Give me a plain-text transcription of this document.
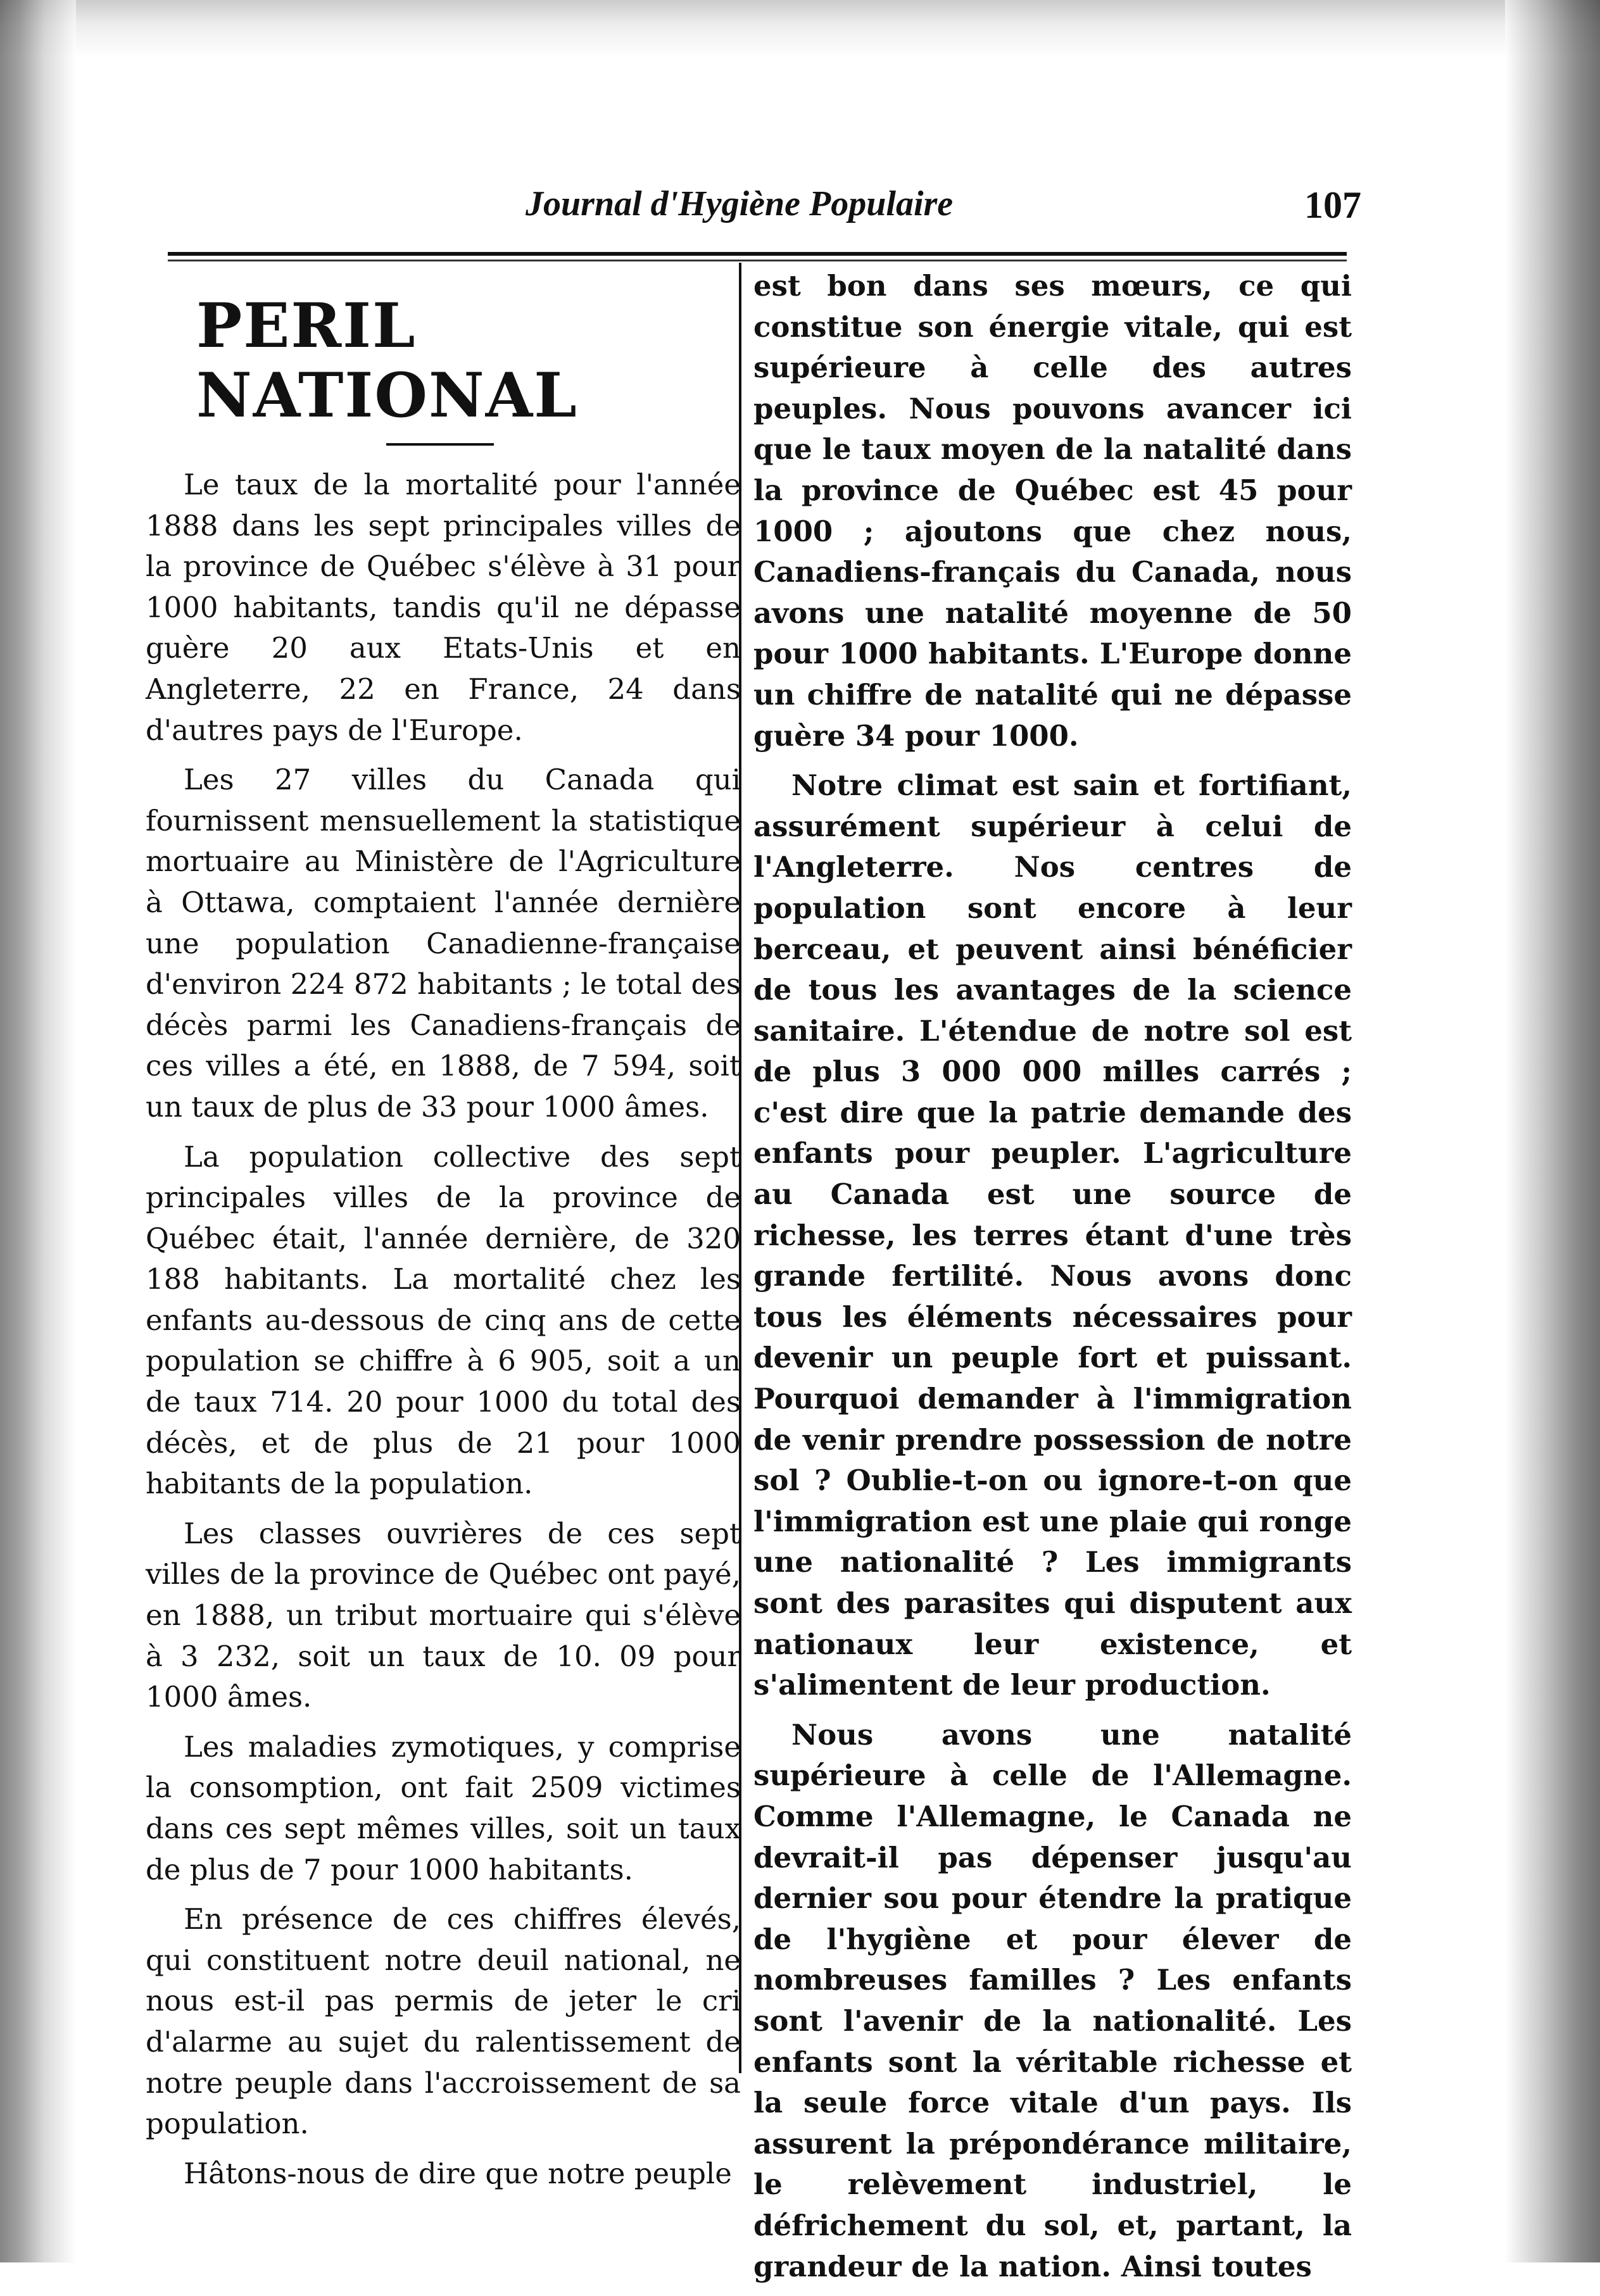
Journal d'Hygiène Populaire	107
PERIL NATIONAL

Le taux de la mortalité pour l'année 1888 dans les sept principales villes de la province de Québec s'élève à 31 pour 1000 habitants, tandis qu'il ne dépasse guère 20 aux Etats-Unis et en Angleterre, 22 en France, 24 dans d'autres pays de l'Europe.

Les 27 villes du Canada qui fournissent mensuellement la statistique mortuaire au Ministère de l'Agriculture à Ottawa, comptaient l'année dernière une population Canadienne-française d'environ 224 872 habitants ; le total des décès parmi les Canadiens-français de ces villes a été, en 1888, de 7 594, soit un taux de plus de 33 pour 1000 âmes.

La population collective des sept principales villes de la province de Québec était, l'année dernière, de 320 188 habitants. La mortalité chez les enfants au-dessous de cinq ans de cette population se chiffre à 6 905, soit a un de taux 714. 20 pour 1000 du total des décès, et de plus de 21 pour 1000 habitants de la population.

Les classes ouvrières de ces sept villes de la province de Québec ont payé, en 1888, un tribut mortuaire qui s'élève à 3 232, soit un taux de 10. 09 pour 1000 âmes.

Les maladies zymotiques, y comprise la consomption, ont fait 2509 victimes dans ces sept mêmes villes, soit un taux de plus de 7 pour 1000 habitants.

En présence de ces chiffres élevés, qui constituent notre deuil national, ne nous est-il pas permis de jeter le cri d'alarme au sujet du ralentissement de notre peuple dans l'accroissement de sa population.

Hâtons-nous de dire que notre peuple

est bon dans ses mœurs, ce qui constitue son énergie vitale, qui est supérieure à celle des autres peuples. Nous pouvons avancer ici que le taux moyen de la natalité dans la province de Québec est 45 pour 1000 ; ajoutons que chez nous, Canadiens-français du Canada, nous avons une natalité moyenne de 50 pour 1000 habitants. L'Europe donne un chiffre de natalité qui ne dépasse guère 34 pour 1000.

Notre climat est sain et fortifiant, assurément supérieur à celui de l'Angleterre. Nos centres de population sont encore à leur berceau, et peuvent ainsi bénéficier de tous les avantages de la science sanitaire. L'étendue de notre sol est de plus 3 000 000 milles carrés ; c'est dire que la patrie demande des enfants pour peupler. L'agriculture au Canada est une source de richesse, les terres étant d'une très grande fertilité. Nous avons donc tous les éléments nécessaires pour devenir un peuple fort et puissant. Pourquoi demander à l'immigration de venir prendre possession de notre sol ? Oublie-t-on ou ignore-t-on que l'immigration est une plaie qui ronge une nationalité ? Les immigrants sont des parasites qui disputent aux nationaux leur existence, et s'alimentent de leur production.

Nous avons une natalité supérieure à celle de l'Allemagne. Comme l'Allemagne, le Canada ne devrait-il pas dépenser jusqu'au dernier sou pour étendre la pratique de l'hygiène et pour élever de nombreuses familles ? Les enfants sont l'avenir de la nationalité. Les enfants sont la véritable richesse et la seule force vitale d'un pays. Ils assurent la prépondérance militaire, le relèvement industriel, le défrichement du sol, et, partant, la grandeur de la nation. Ainsi toutes
